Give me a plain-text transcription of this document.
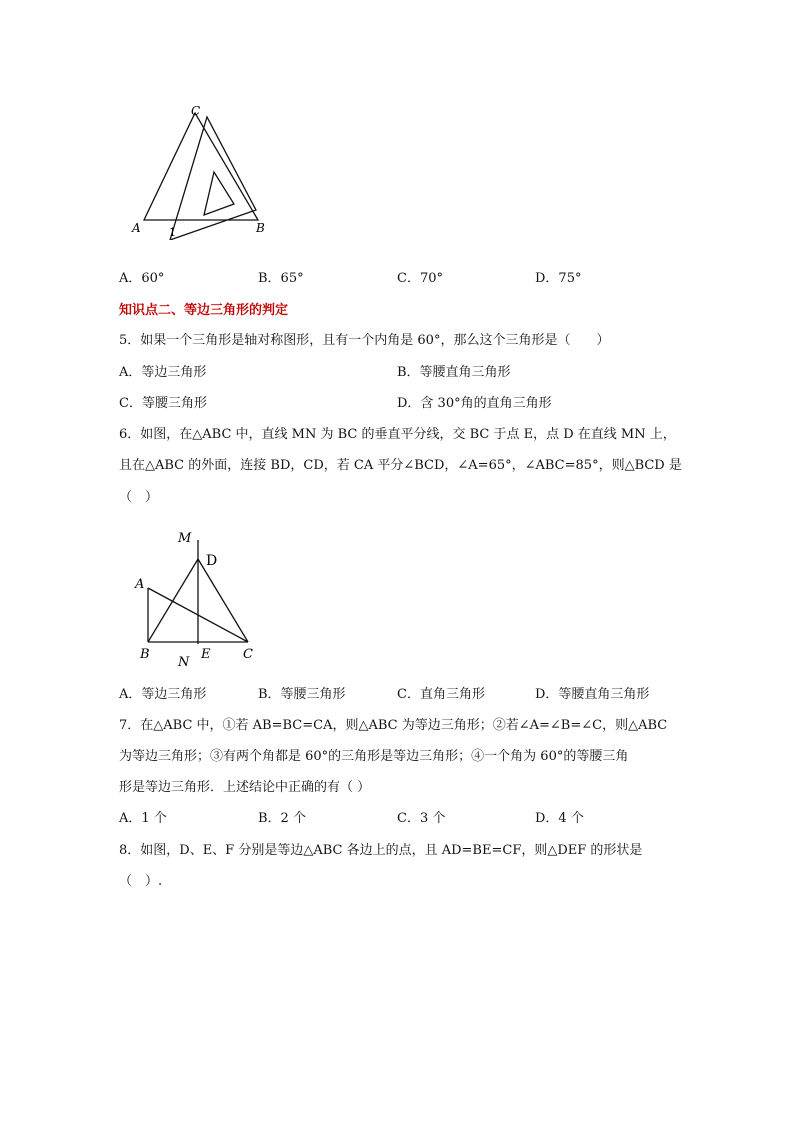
C
A	B
1
A．60°	B．65°	C．70°	D．75°
知识点二、等边三角形的判定
5．如果一个三角形是轴对称图形，且有一个内角是 60°，那么这个三角形是（　　）
A．等边三角形	B．等腰直角三角形
C．等腰三角形	D．含 30°角的直角三角形
6．如图，在△ABC 中，直线 MN 为 BC 的垂直平分线，交 BC 于点 E，点 D 在直线 MN 上，
且在△ABC 的外面，连接 BD，CD，若 CA 平分∠BCD，∠A=65°，∠ABC=85°，则△BCD 是
（　）
M
D
A
B
N
E	C
A．等边三角形	B．等腰三角形	C．直角三角形	D．等腰直角三角形
7．在△ABC 中，①若 AB=BC=CA，则△ABC 为等边三角形；②若∠A=∠B=∠C，则△ABC
为等边三角形；③有两个角都是 60°的三角形是等边三角形；④一个角为 60°的等腰三角
形是等边三角形．上述结论中正确的有（ ）
A．1 个	B．2 个	C．3 个	D．4 个
8．如图，D、E、F 分别是等边△ABC 各边上的点，且 AD=BE=CF，则△DEF 的形状是
（　）.
